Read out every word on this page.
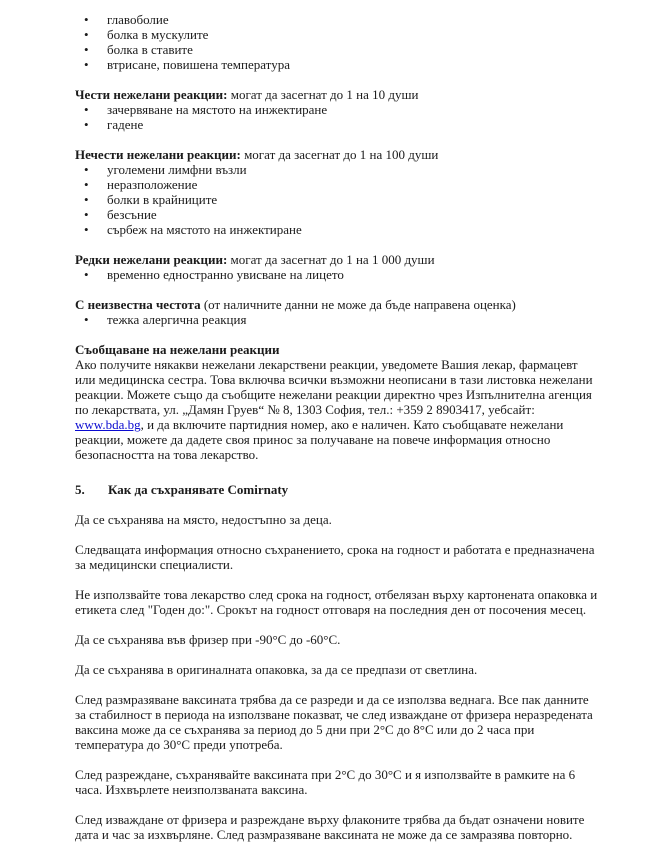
•	главоболие
•	болка в мускулите
•	болка в ставите
•	втрисане, повишена температура

Чести нежелани реакции: могат да засегнат до 1 на 10 души

•	зачервяване на мястото на инжектиране
•	гадене

Нечести нежелани реакции: могат да засегнат до 1 на 100 души

•	уголемени лимфни възли
•	неразположение
•	болки в крайниците
•	безсъние
•	сърбеж на мястото на инжектиране

Редки нежелани реакции: могат да засегнат до 1 на 1 000 души

•	временно едностранно увисване на лицето

С неизвестна честота (от наличните данни не може да бъде направена оценка)

•	тежка алергична реакция

Съобщаване на нежелани реакции

Ако получите някакви нежелани лекарствени реакции, уведомете Вашия лекар, фармацевт или медицинска сестра. Това включва всички възможни неописани в тази листовка нежелани реакции. Можете също да съобщите нежелани реакции директно чрез Изпълнителна агенция по лекарствата, ул. „Дамян Груев“ № 8, 1303 София, тел.: +359 2 8903417, уебсайт: www.bda.bg, и да включите партидния номер, ако е наличен. Като съобщавате нежелани реакции, можете да дадете своя принос за получаване на повече информация относно безопасността на това лекарство.

5. Как да съхранявате Comirnaty

Да се съхранява на място, недостъпно за деца.

Следващата информация относно съхранението, срока на годност и работата е предназначена за медицински специалисти.

Не използвайте това лекарство след срока на годност, отбелязан върху картонената опаковка и етикета след "Годен до:". Срокът на годност отговаря на последния ден от посочения месец.

Да се съхранява във фризер при -90°C до -60°C.

Да се съхранява в оригиналната опаковка, за да се предпази от светлина.

След размразяване ваксината трябва да се разреди и да се използва веднага. Все пак данните за стабилност в периода на използване показват, че след изваждане от фризера неразредената ваксина може да се съхранява за период до 5 дни при 2°C до 8°C или до 2 часа при температура до 30°C преди употреба.

След разреждане, съхранявайте ваксината при 2°C до 30°C и я използвайте в рамките на 6 часа. Изхвърлете неизползваната ваксина.

След изваждане от фризера и разреждане върху флаконите трябва да бъдат означени новите дата и час за изхвърляне. След размразяване ваксината не може да се замразява повторно.
